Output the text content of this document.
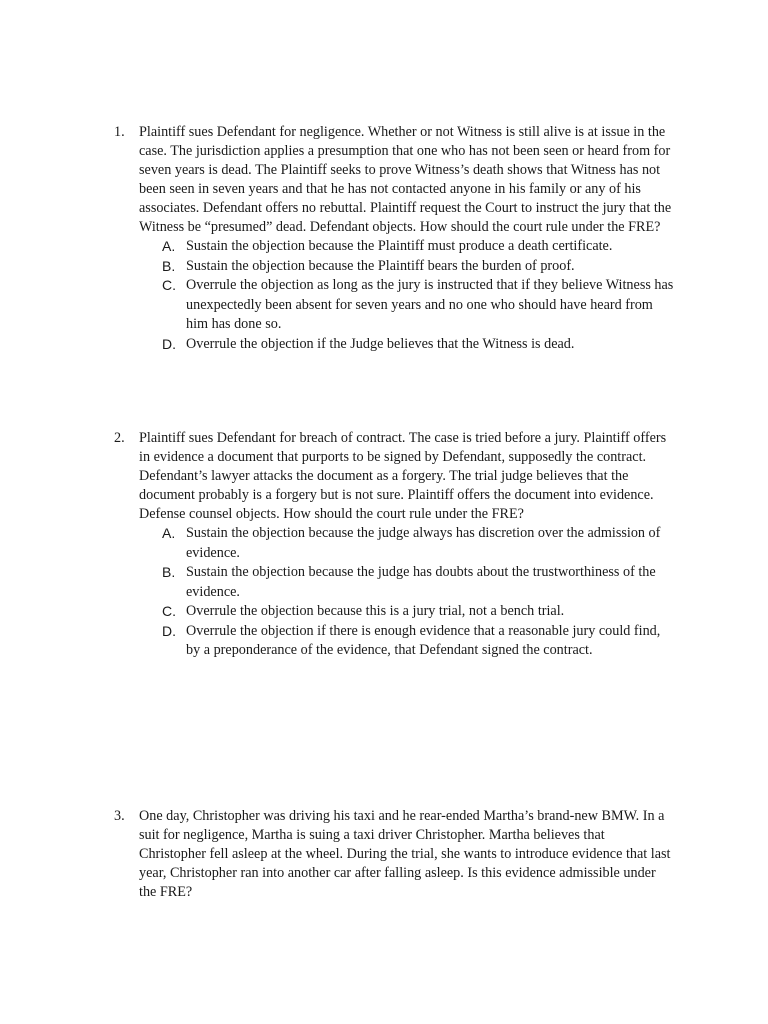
1. Plaintiff sues Defendant for negligence. Whether or not Witness is still alive is at issue in the case. The jurisdiction applies a presumption that one who has not been seen or heard from for seven years is dead. The Plaintiff seeks to prove Witness’s death shows that Witness has not been seen in seven years and that he has not contacted anyone in his family or any of his associates. Defendant offers no rebuttal. Plaintiff request the Court to instruct the jury that the Witness be “presumed” dead. Defendant objects. How should the court rule under the FRE?
A. Sustain the objection because the Plaintiff must produce a death certificate.
B. Sustain the objection because the Plaintiff bears the burden of proof.
C. Overrule the objection as long as the jury is instructed that if they believe Witness has unexpectedly been absent for seven years and no one who should have heard from him has done so.
D. Overrule the objection if the Judge believes that the Witness is dead.
2. Plaintiff sues Defendant for breach of contract. The case is tried before a jury. Plaintiff offers in evidence a document that purports to be signed by Defendant, supposedly the contract. Defendant’s lawyer attacks the document as a forgery. The trial judge believes that the document probably is a forgery but is not sure. Plaintiff offers the document into evidence. Defense counsel objects. How should the court rule under the FRE?
A. Sustain the objection because the judge always has discretion over the admission of evidence.
B. Sustain the objection because the judge has doubts about the trustworthiness of the evidence.
C. Overrule the objection because this is a jury trial, not a bench trial.
D. Overrule the objection if there is enough evidence that a reasonable jury could find, by a preponderance of the evidence, that Defendant signed the contract.
3. One day, Christopher was driving his taxi and he rear-ended Martha’s brand-new BMW. In a suit for negligence, Martha is suing a taxi driver Christopher. Martha believes that Christopher fell asleep at the wheel. During the trial, she wants to introduce evidence that last year, Christopher ran into another car after falling asleep. Is this evidence admissible under the FRE?
